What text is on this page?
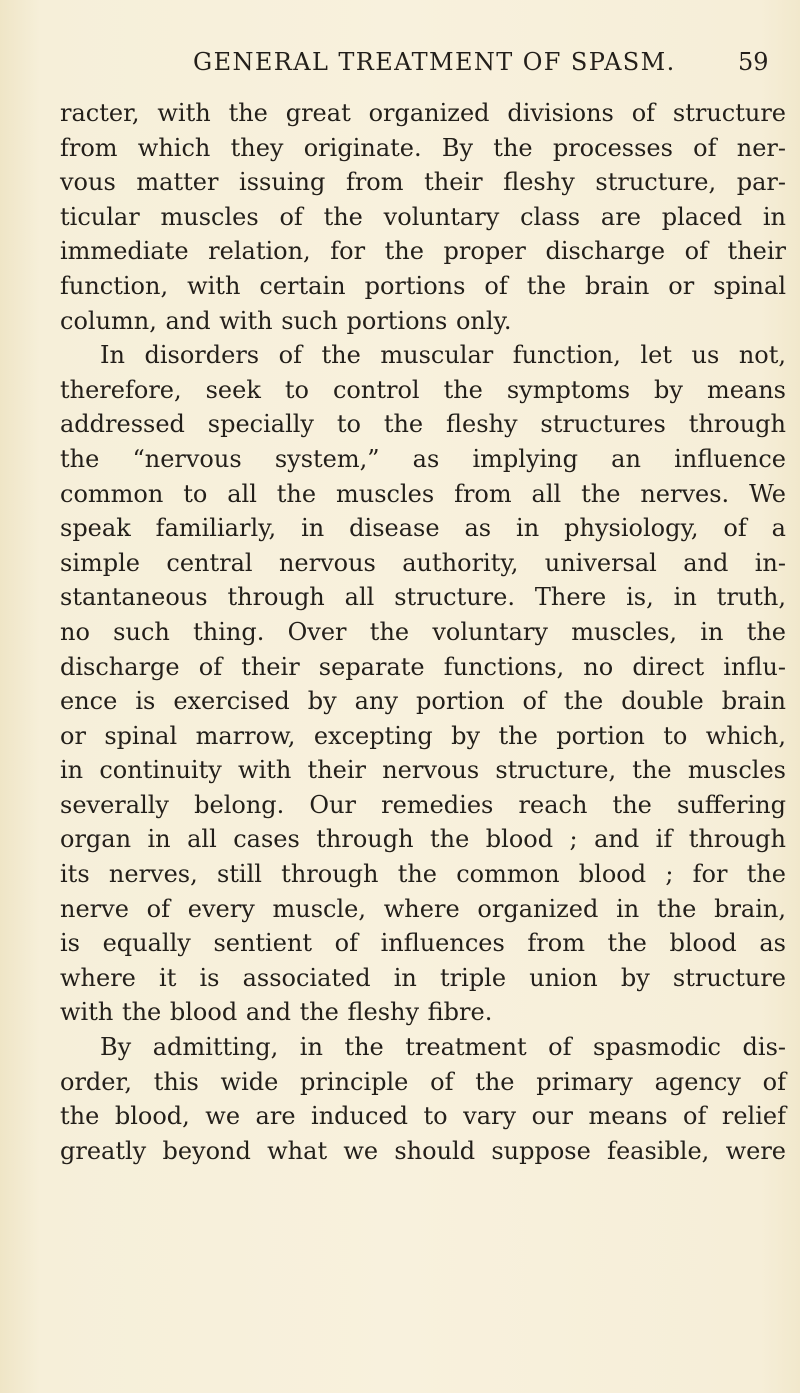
GENERAL TREATMENT OF SPASM.	59
racter, with the great organized divisions of structure
from which they originate. By the processes of ner-
vous matter issuing from their fleshy structure, par-
ticular muscles of the voluntary class are placed in
immediate relation, for the proper discharge of their
function, with certain portions of the brain or spinal
column, and with such portions only.
In disorders of the muscular function, let us not,
therefore, seek to control the symptoms by means
addressed specially to the fleshy structures through
the “nervous system,” as implying an influence
common to all the muscles from all the nerves. We
speak familiarly, in disease as in physiology, of a
simple central nervous authority, universal and in-
stantaneous through all structure. There is, in truth,
no such thing. Over the voluntary muscles, in the
discharge of their separate functions, no direct influ-
ence is exercised by any portion of the double brain
or spinal marrow, excepting by the portion to which,
in continuity with their nervous structure, the muscles
severally belong. Our remedies reach the suffering
organ in all cases through the blood ; and if through
its nerves, still through the common blood ; for the
nerve of every muscle, where organized in the brain,
is equally sentient of influences from the blood as
where it is associated in triple union by structure
with the blood and the fleshy fibre.
By admitting, in the treatment of spasmodic dis-
order, this wide principle of the primary agency of
the blood, we are induced to vary our means of relief
greatly beyond what we should suppose feasible, were
